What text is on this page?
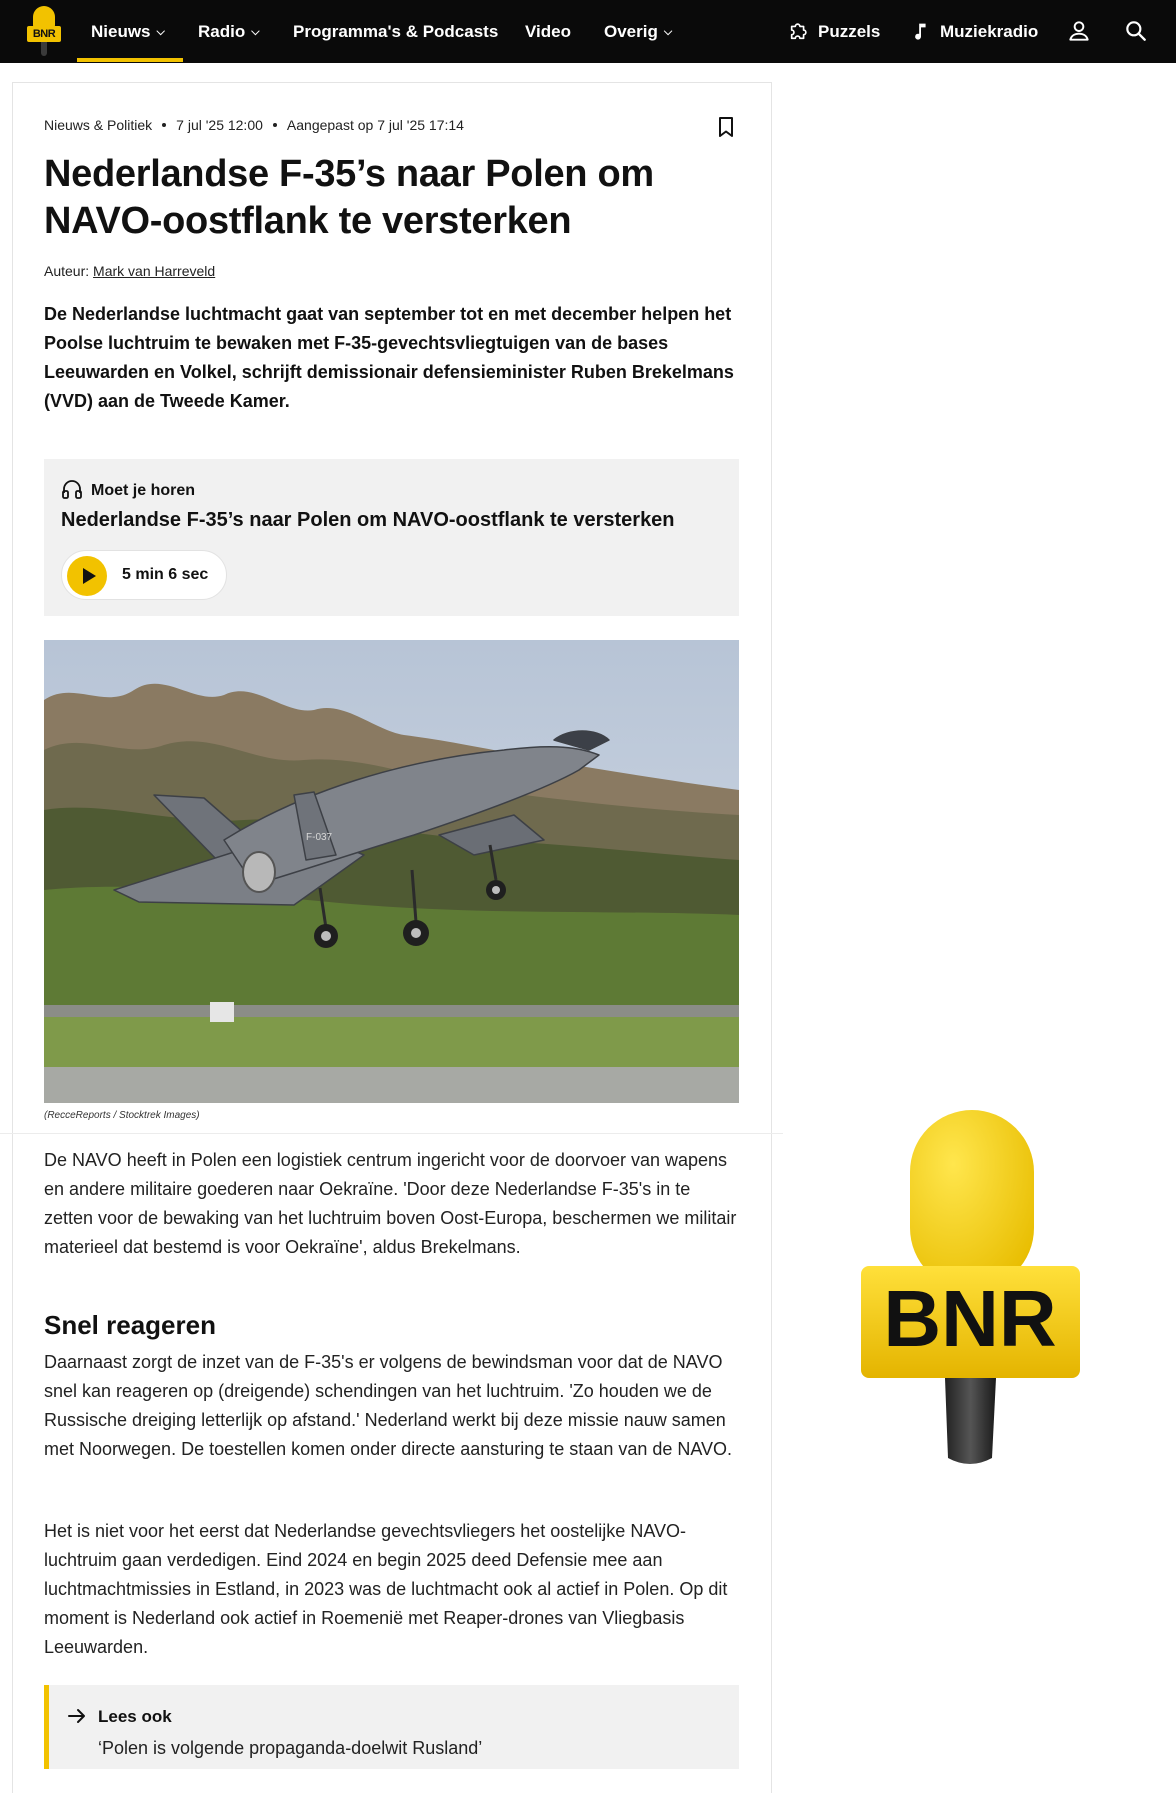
BNR	Nieuws ⌵ Radio ⌵ Programma's & Podcasts Video Overig ⌵	Puzzels	Muziekradio
Nieuws & Politiek 7 jul '25 12:00 Aangepast op 7 jul '25 17:14
Nederlandse F-35’s naar Polen om NAVO-oostflank te versterken
Auteur: Mark van Harreveld

De Nederlandse luchtmacht gaat van september tot en met december helpen het Poolse luchtruim te bewaken met F-35-gevechtsvliegtuigen van de bases Leeuwarden en Volkel, schrijft demissionair defensieminister Ruben Brekelmans (VVD) aan de Tweede Kamer.

Moet je horen
Nederlandse F-35’s naar Polen om NAVO-oostflank te versterken
5 min 6 sec
F-037
(RecceReports / Stocktrek Images)

De NAVO heeft in Polen een logistiek centrum ingericht voor de doorvoer van wapens en andere militaire goederen naar Oekraïne. 'Door deze Nederlandse F-35's in te zetten voor de bewaking van het luchtruim boven Oost-Europa, beschermen we militair materieel dat bestemd is voor Oekraïne', aldus Brekelmans.

Snel reageren

Daarnaast zorgt de inzet van de F-35's er volgens de bewindsman voor dat de NAVO snel kan reageren op (dreigende) schendingen van het luchtruim. 'Zo houden we de Russische dreiging letterlijk op afstand.' Nederland werkt bij deze missie nauw samen met Noorwegen. De toestellen komen onder directe aansturing te staan van de NAVO.

Het is niet voor het eerst dat Nederlandse gevechtsvliegers het oostelijke NAVO-luchtruim gaan verdedigen. Eind 2024 en begin 2025 deed Defensie mee aan luchtmachtmissies in Estland, in 2023 was de luchtmacht ook al actief in Polen. Op dit moment is Nederland ook actief in Roemenië met Reaper-drones van Vliegbasis Leeuwarden.

Lees ook
‘Polen is volgende propaganda-doelwit Rusland’
BNR
